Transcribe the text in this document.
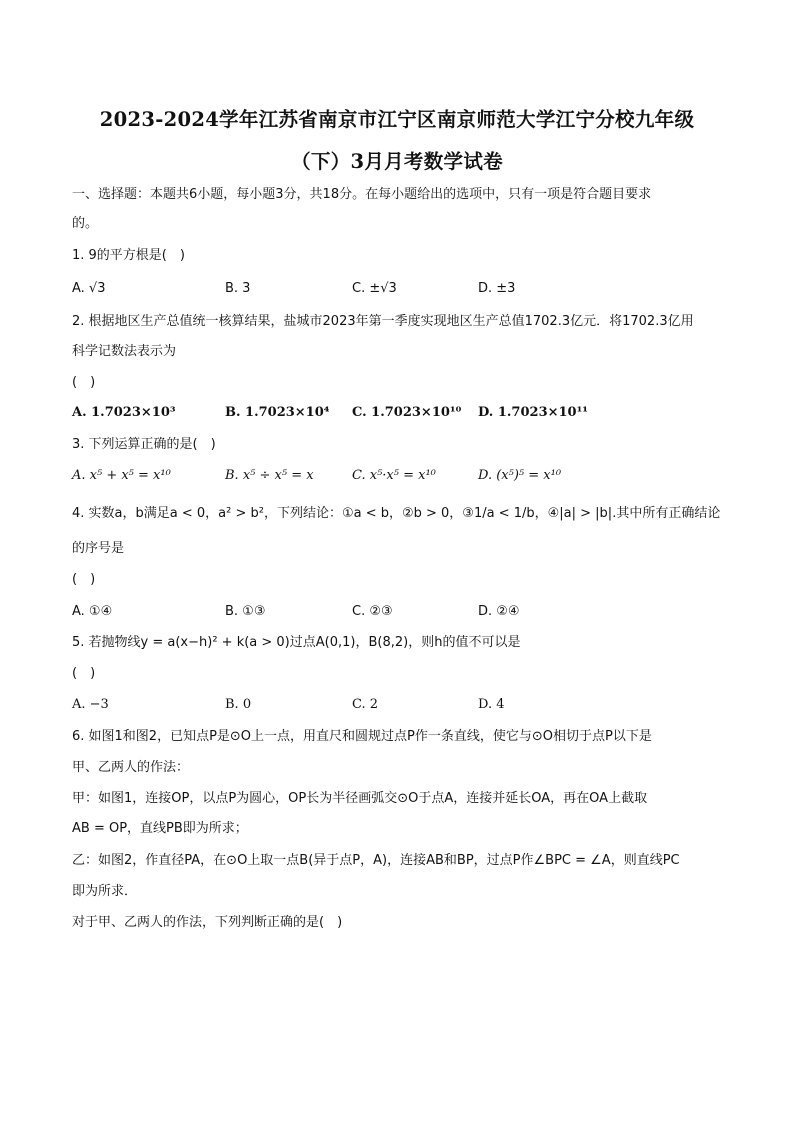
2023-2024学年江苏省南京市江宁区南京师范大学江宁分校九年级
（下）3月月考数学试卷
一、选择题：本题共6小题，每小题3分，共18分。在每小题给出的选项中，只有一项是符合题目要求
的。
1. 9的平方根是(　)
A. √3	B. 3	C. ±√3	D. ±3
2. 根据地区生产总值统一核算结果，盐城市2023年第一季度实现地区生产总值1702.3亿元．将1702.3亿用
科学记数法表示为
(　)
A. 1.7023×10³	B. 1.7023×10⁴ C. 1.7023×10¹⁰ D. 1.7023×10¹¹
3. 下列运算正确的是(　)
A. x⁵ + x⁵ = x¹⁰	B. x⁵ ÷ x⁵ = x	C. x⁵·x⁵ = x¹⁰	D. (x⁵)⁵ = x¹⁰
4. 实数a，b满足a < 0，a² > b²，下列结论：①a < b，②b > 0，③1/a < 1/b，④|a| > |b|.其中所有正确结论
的序号是
(　)
A. ①④	B. ①③	C. ②③	D. ②④
5. 若抛物线y = a(x−h)² + k(a > 0)过点A(0,1)，B(8,2)，则h的值不可以是
(　)
A. −3	B. 0	C. 2	D. 4
6. 如图1和图2，已知点P是⊙O上一点，用直尺和圆规过点P作一条直线，使它与⊙O相切于点P以下是
甲、乙两人的作法：
甲：如图1，连接OP，以点P为圆心，OP长为半径画弧交⊙O于点A，连接并延长OA，再在OA上截取
AB = OP，直线PB即为所求；
乙：如图2，作直径PA，在⊙O上取一点B(异于点P，A)，连接AB和BP，过点P作∠BPC = ∠A，则直线PC
即为所求．
对于甲、乙两人的作法，下列判断正确的是(　)
